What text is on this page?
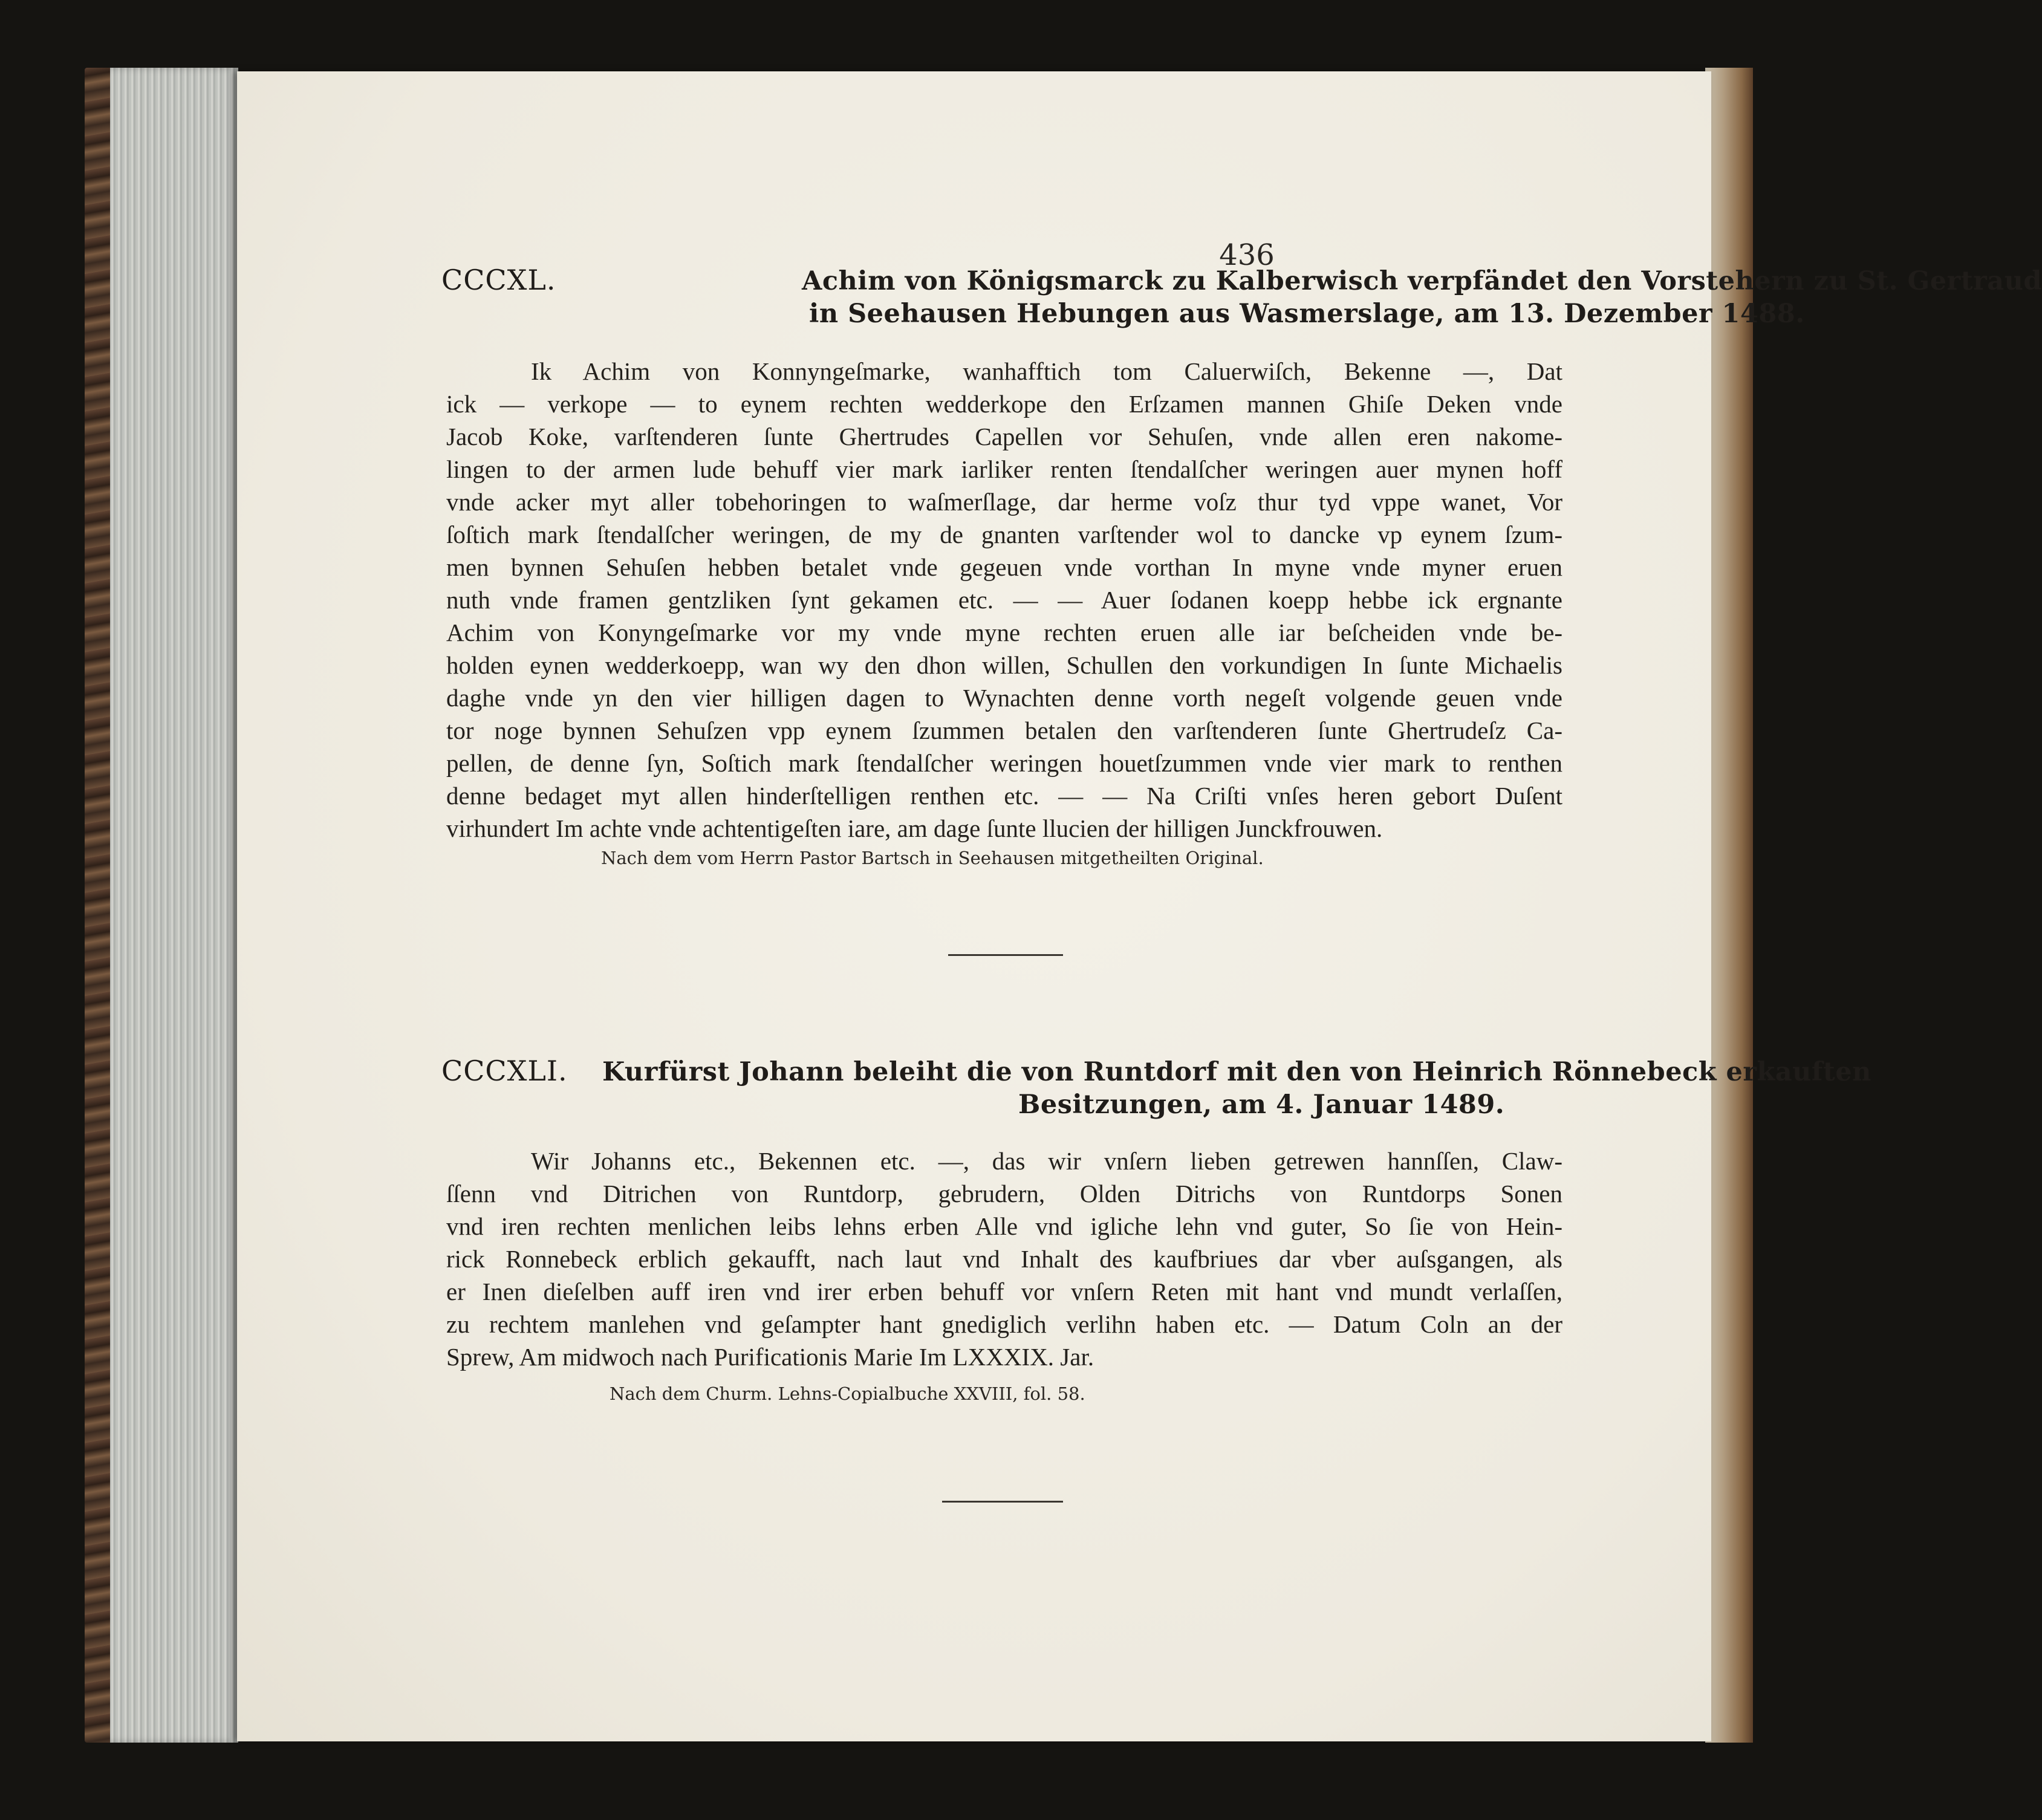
436
CCCXL.	Achim von Königsmarck zu Kalberwisch verpfändet den Vorstehern zu St. Gertraud
in Seehausen Hebungen aus Wasmerslage, am 13. Dezember 1488.
Ik Achim von Konnyngeſmarke, wanhafftich tom Caluerwiſch, Bekenne —, Dat
ick — verkope — to eynem rechten wedderkope den Erſzamen mannen Ghiſe Deken vnde
Jacob Koke, varſtenderen ſunte Ghertrudes Capellen vor Sehuſen, vnde allen eren nakome-
lingen to der armen lude behuff vier mark iarliker renten ſtendalſcher weringen auer mynen hoff
vnde acker myt aller tobehoringen to waſmerſlage, dar herme voſz thur tyd vppe wanet, Vor
ſoſtich mark ſtendalſcher weringen, de my de gnanten varſtender wol to dancke vp eynem ſzum-
men bynnen Sehuſen hebben betalet vnde gegeuen vnde vorthan In myne vnde myner eruen
nuth vnde framen gentzliken ſynt gekamen etc. — — Auer ſodanen koepp hebbe ick ergnante
Achim von Konyngeſmarke vor my vnde myne rechten eruen alle iar beſcheiden vnde be-
holden eynen wedderkoepp, wan wy den dhon willen, Schullen den vorkundigen In ſunte Michaelis
daghe vnde yn den vier hilligen dagen to Wynachten denne vorth negeſt volgende geuen vnde
tor noge bynnen Sehuſzen vpp eynem ſzummen betalen den varſtenderen ſunte Ghertrudeſz Ca-
pellen, de denne ſyn, Soſtich mark ſtendalſcher weringen houetſzummen vnde vier mark to renthen
denne bedaget myt allen hinderſtelligen renthen etc. — — Na Criſti vnſes heren gebort Duſent
virhundert Im achte vnde achtentigeſten iare, am dage ſunte llucien der hilligen Junckfrouwen.
Nach dem vom Herrn Pastor Bartsch in Seehausen mitgetheilten Original.
CCCXLI. Kurfürst Johann beleiht die von Runtdorf mit den von Heinrich Rönnebeck erkauften
Besitzungen, am 4. Januar 1489.
Wir Johanns etc., Bekennen etc. —, das wir vnſern lieben getrewen hannſſen, Claw-
ſſenn vnd Ditrichen von Runtdorp, gebrudern, Olden Ditrichs von Runtdorps Sonen
vnd iren rechten menlichen leibs lehns erben Alle vnd igliche lehn vnd guter, So ſie von Hein-
rick Ronnebeck erblich gekaufft, nach laut vnd Inhalt des kaufbriues dar vber auſsgangen, als
er Inen dieſelben auff iren vnd irer erben behuff vor vnſern Reten mit hant vnd mundt verlaſſen,
zu rechtem manlehen vnd geſampter hant gnediglich verlihn haben etc. — Datum Coln an der
Sprew, Am midwoch nach Purificationis Marie Im LXXXIX. Jar.
Nach dem Churm. Lehns-Copialbuche XXVIII, fol. 58.
